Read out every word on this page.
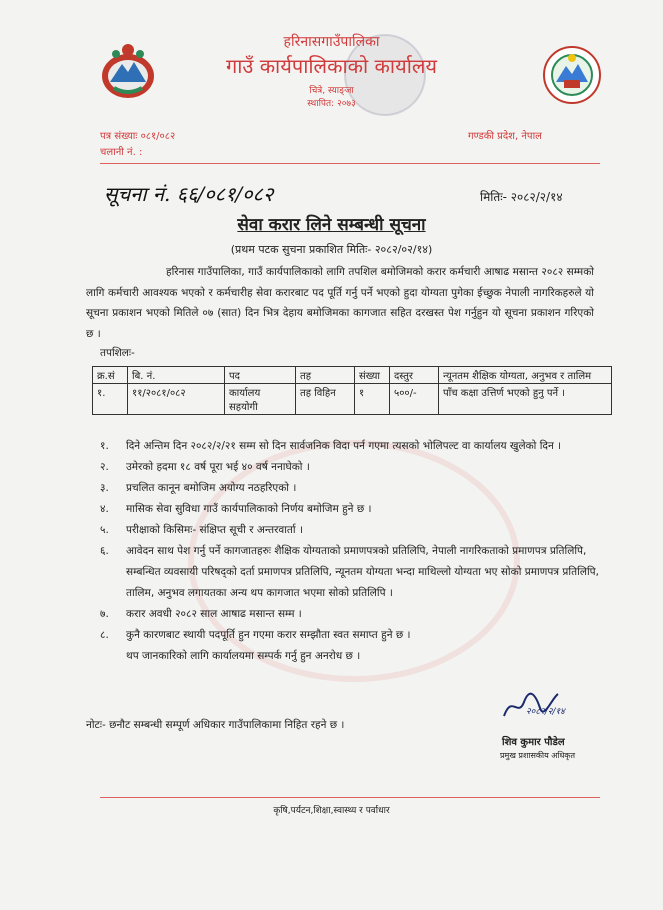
हरिनासगाउँपालिका
गाउँ कार्यपालिकाको कार्यालय
चित्रे, स्याङ्जा
स्थापित: २०७३
पत्र संख्याः ०८१/०८२
चलानी नं. :
गण्डकी प्रदेश, नेपाल
सूचना नं. ६६/०८१/०८२	मितिः- २०८२/२/१४
सेवा करार लिने सम्बन्धी सूचना
(प्रथम पटक सुचना प्रकाशित मितिः- २०८२/०२/१४)
हरिनास गाउँपालिका, गाउँ कार्यपालिकाको लागि तपशिल बमोजिमको करार कर्मचारी आषाढ मसान्त २०८२ सम्मको लागि कर्मचारी आवश्यक भएको र कर्मचारीह सेवा करारबाट पद पूर्ति गर्नु पर्ने भएको हुदा योग्यता पुगेका ईच्छुक नेपाली नागरिकहरुले यो सूचना प्रकाशन भएको मितिले ०७ (सात) दिन भित्र देहाय बमोजिमका कागजात सहित दरखस्त पेश गर्नुहुन यो सूचना प्रकाशन गरिएको छ ।
तपशिलः-
क्र.सं	बि. नं.	पद	तह	संख्या	दस्तुर	न्यूनतम शैक्षिक योग्यता, अनुभव र तालिम
१.	११/२०८१/०८२	कार्यालय सहयोगी	तह विहिन	१	५००/-	पाँच कक्षा उत्तिर्ण भएको हुनु पर्ने ।
१.	दिने अन्तिम दिन २०८२/२/२१ सम्म सो दिन सार्वजनिक विदा पर्न गएमा त्यसको भोलिपल्ट वा कार्यालय खुलेको दिन ।
२.	उमेरको हदमा १८ वर्ष पूरा भई ४० वर्ष ननाघेको ।
३.	प्रचलित कानून बमोजिम अयोग्य नठहरिएको ।
४.	मासिक सेवा सुविधा गाउँ कार्यपालिकाको निर्णय बमोजिम हुने छ ।
५.	परीक्षाको किसिमः- संक्षिप्त सूची र अन्तरवार्ता ।
६.	आवेदन साथ पेश गर्नु पर्ने कागजातहरुः शैक्षिक योग्यताको प्रमाणपत्रको प्रतिलिपि, नेपाली नागरिकताको प्रमाणपत्र प्रतिलिपि, सम्बन्धित व्यवसायी परिषद्को दर्ता प्रमाणपत्र प्रतिलिपि, न्यूनतम योग्यता भन्दा माथिल्लो योग्यता भए सोको प्रमाणपत्र प्रतिलिपि, तालिम, अनुभव लगायतका अन्य थप कागजात भएमा सोको प्रतिलिपि ।
७.	करार अवधी २०८२ साल आषाढ मसान्त सम्म ।
८.	कुनै कारणबाट स्थायी पदपूर्ति हुन गएमा करार सम्झौता स्वत समाप्त हुने छ ।
थप जानकारिको लागि कार्यालयमा सम्पर्क गर्नु हुन अनरोध छ ।
नोटः- छनौट सम्बन्धी सम्पूर्ण अधिकार गाउँपालिकामा निहित रहने छ ।
२०८२/२/१४
शिव कुमार पौडेल
प्रमुख प्रशासकीय अधिकृत
कृषि,पर्यटन,शिक्षा,स्वास्थ्य र पर्वाधार
